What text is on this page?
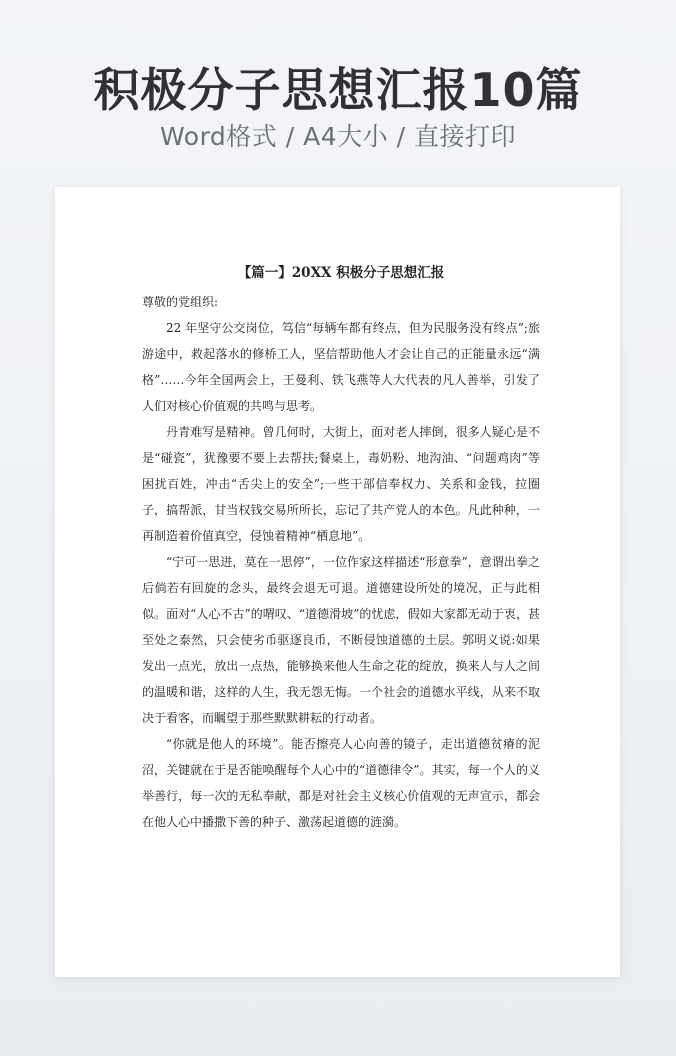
积极分子思想汇报10篇
Word格式 / A4大小 / 直接打印
【篇一】20XX 积极分子思想汇报

尊敬的党组织:

22 年坚守公交岗位，笃信“每辆车都有终点，但为民服务没有终点”;旅游途中，救起落水的修桥工人，坚信帮助他人才会让自己的正能量永远“满格”……今年全国两会上，王曼利、铁飞燕等人大代表的凡人善举，引发了人们对核心价值观的共鸣与思考。

丹青难写是精神。曾几何时，大街上，面对老人摔倒，很多人疑心是不是“碰瓷”，犹豫要不要上去帮扶;餐桌上，毒奶粉、地沟油、“问题鸡肉”等困扰百姓，冲击“舌尖上的安全”;一些干部信奉权力、关系和金钱，拉圈子，搞帮派，甘当权钱交易所所长，忘记了共产党人的本色。凡此种种，一再制造着价值真空，侵蚀着精神“栖息地”。

“宁可一思进，莫在一思停”，一位作家这样描述“形意拳”，意谓出拳之后倘若有回旋的念头，最终会退无可退。道德建设所处的境况，正与此相似。面对“人心不古”的喟叹、“道德滑坡”的忧虑，假如大家都无动于衷，甚至处之泰然，只会使劣币驱逐良币，不断侵蚀道德的土层。郭明义说:如果发出一点光，放出一点热，能够换来他人生命之花的绽放，换来人与人之间的温暖和谐，这样的人生，我无怨无悔。一个社会的道德水平线，从来不取决于看客，而瞩望于那些默默耕耘的行动者。

“你就是他人的环境”。能否擦亮人心向善的镜子，走出道德贫瘠的泥沼，关键就在于是否能唤醒每个人心中的“道德律令”。其实，每一个人的义举善行，每一次的无私奉献，都是对社会主义核心价值观的无声宣示，都会在他人心中播撒下善的种子、激荡起道德的涟漪。
